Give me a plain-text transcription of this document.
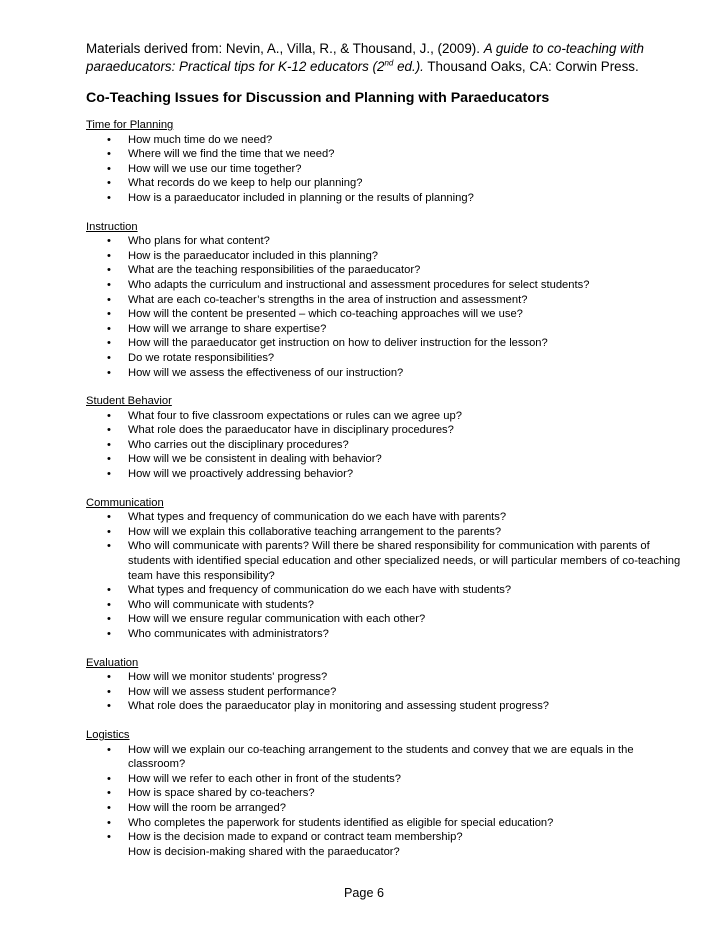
Materials derived from: Nevin, A., Villa, R., & Thousand, J., (2009). A guide to co-teaching with paraeducators: Practical tips for K-12 educators (2nd ed.). Thousand Oaks, CA: Corwin Press.

Co-Teaching Issues for Discussion and Planning with Paraeducators

Time for Planning

• How much time do we need?
• Where will we find the time that we need?
• How will we use our time together?
• What records do we keep to help our planning?
• How is a paraeducator included in planning or the results of planning?

Instruction

• Who plans for what content?
• How is the paraeducator included in this planning?
• What are the teaching responsibilities of the paraeducator?
• Who adapts the curriculum and instructional and assessment procedures for select students?
• What are each co-teacher’s strengths in the area of instruction and assessment?
• How will the content be presented – which co-teaching approaches will we use?
• How will we arrange to share expertise?
• How will the paraeducator get instruction on how to deliver instruction for the lesson?
• Do we rotate responsibilities?
• How will we assess the effectiveness of our instruction?

Student Behavior

• What four to five classroom expectations or rules can we agree up?
• What role does the paraeducator have in disciplinary procedures?
• Who carries out the disciplinary procedures?
• How will we be consistent in dealing with behavior?
• How will we proactively addressing behavior?

Communication

• What types and frequency of communication do we each have with parents?
• How will we explain this collaborative teaching arrangement to the parents?
• Who will communicate with parents? Will there be shared responsibility for communication with parents of students with identified special education and other specialized needs, or will particular members of co-teaching team have this responsibility?
• What types and frequency of communication do we each have with students?
• Who will communicate with students?
• How will we ensure regular communication with each other?
• Who communicates with administrators?

Evaluation

• How will we monitor students' progress?
• How will we assess student performance?
• What role does the paraeducator play in monitoring and assessing student progress?

Logistics

• How will we explain our co-teaching arrangement to the students and convey that we are equals in the classroom?
• How will we refer to each other in front of the students?
• How is space shared by co-teachers?
• How will the room be arranged?
• Who completes the paperwork for students identified as eligible for special education?
• How is the decision made to expand or contract team membership?
How is decision-making shared with the paraeducator?
Page 6
